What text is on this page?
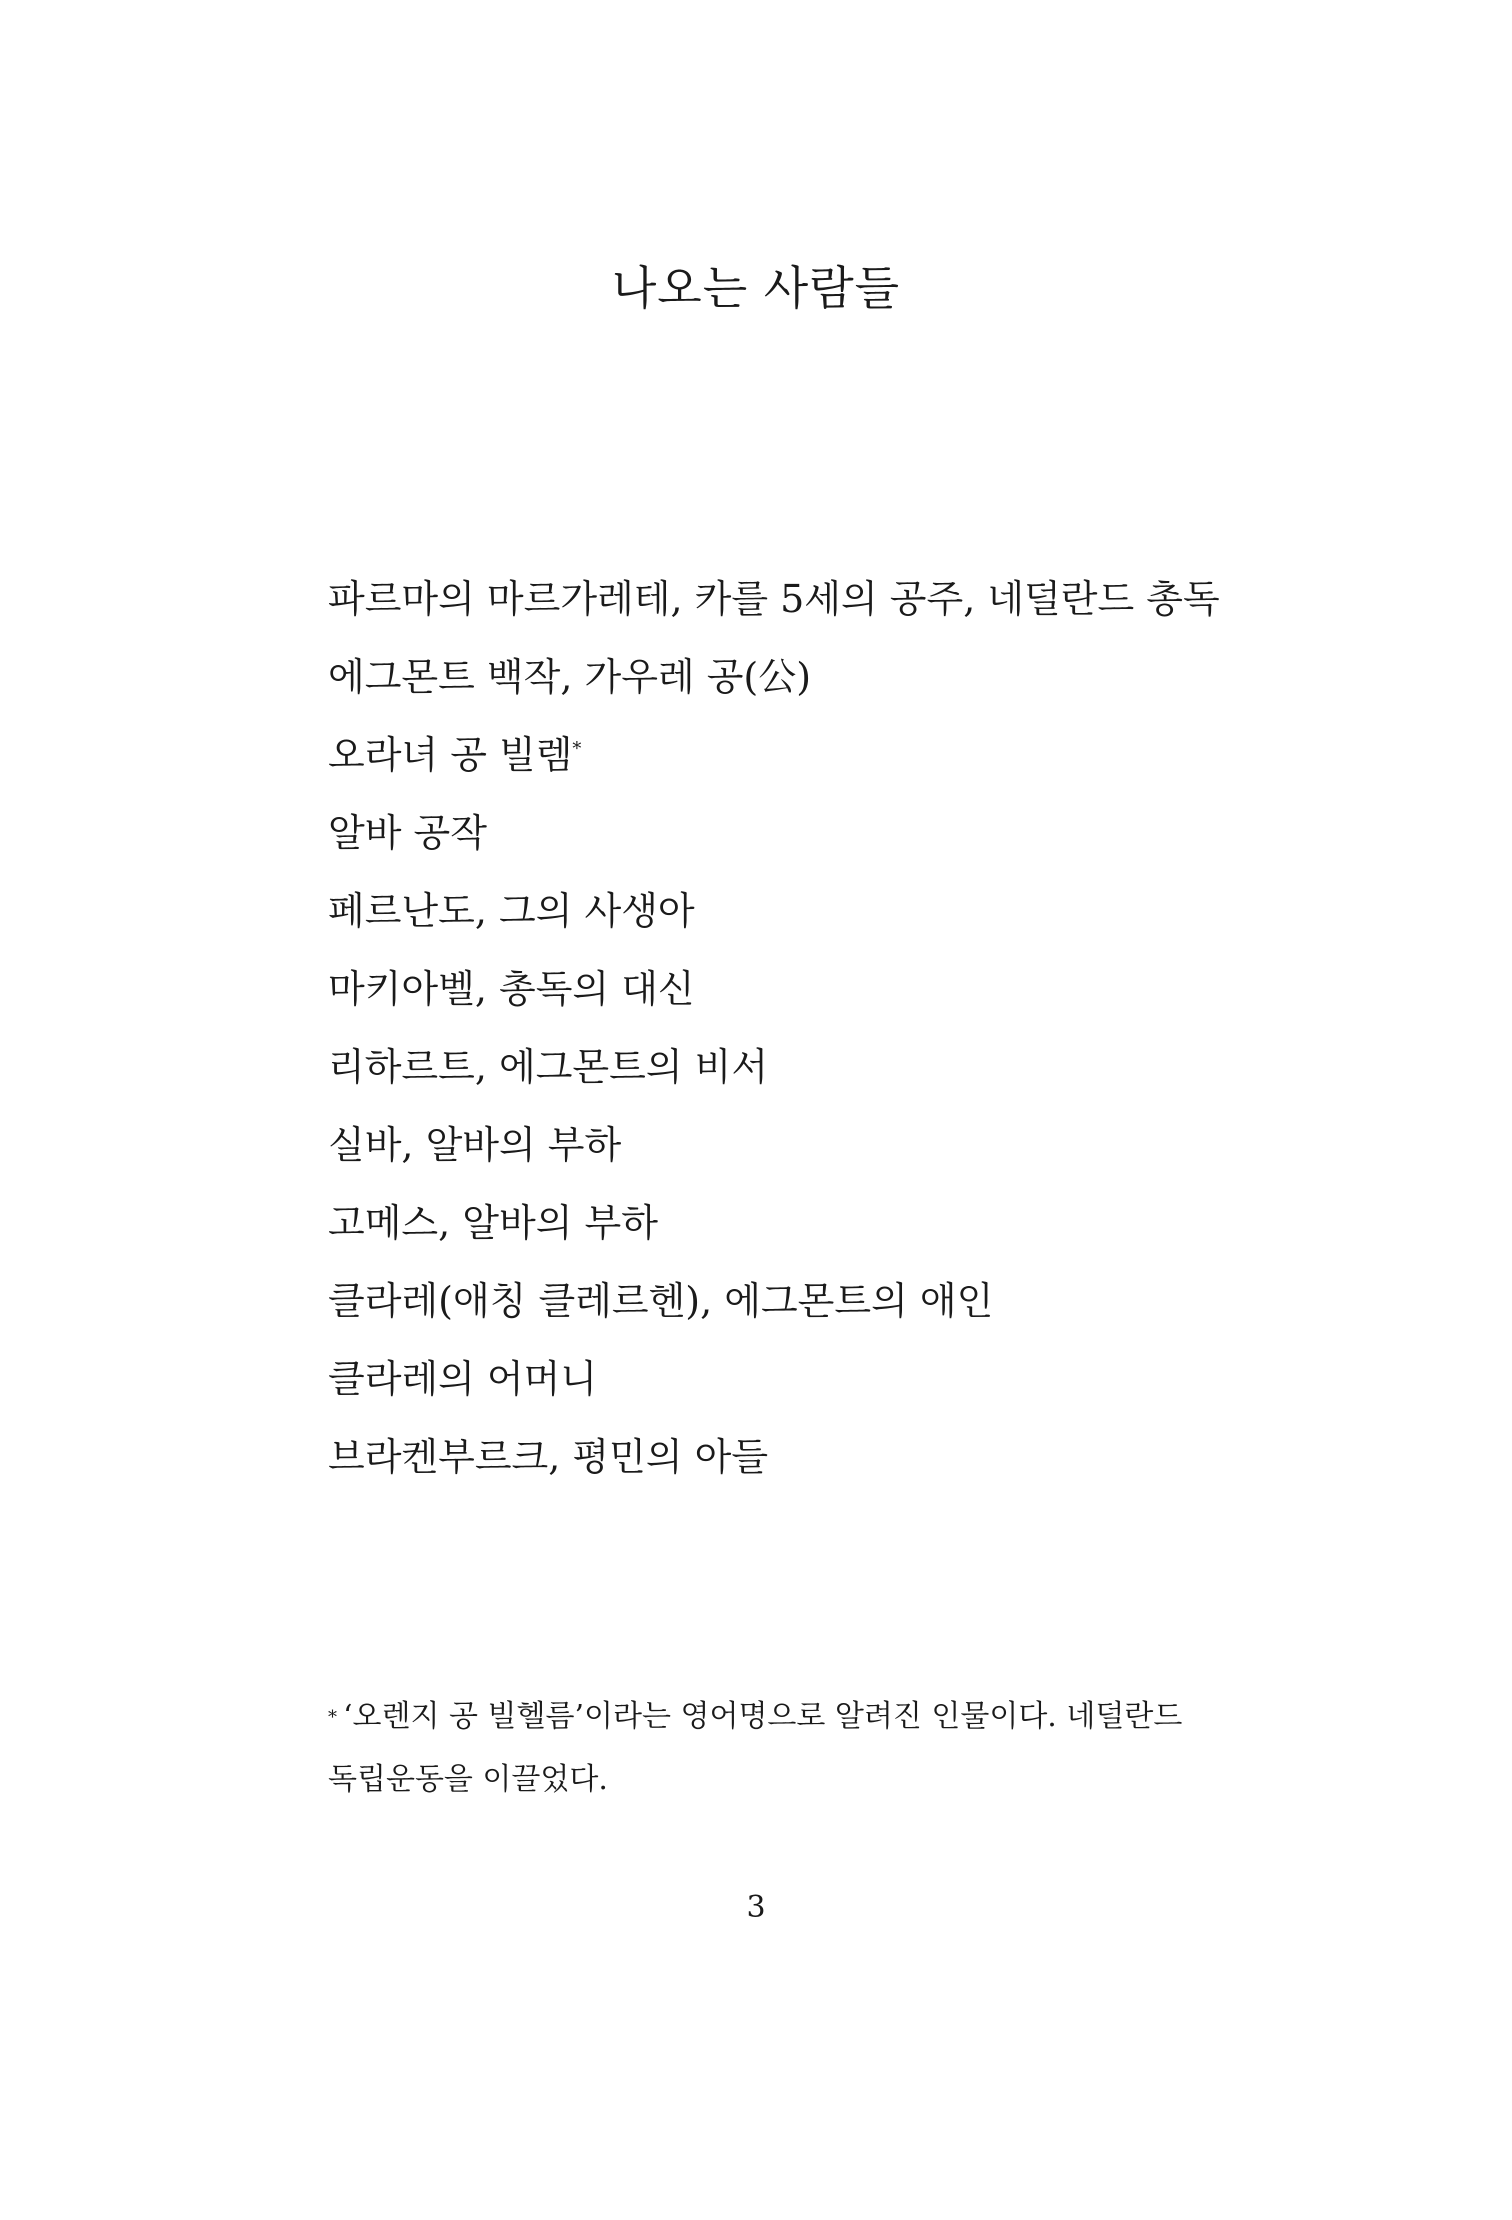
나오는 사람들
파르마의 마르가레테, 카를 5세의 공주, 네덜란드 총독
에그몬트 백작, 가우레 공(公)
오라녀 공 빌렘*
알바 공작
페르난도, 그의 사생아
마키아벨, 총독의 대신
리하르트, 에그몬트의 비서
실바, 알바의 부하
고메스, 알바의 부하
클라레(애칭 클레르헨), 에그몬트의 애인
클라레의 어머니
브라켄부르크, 평민의 아들

* ‘오렌지 공 빌헬름’이라는 영어명으로 알려진 인물이다. 네덜란드
독립운동을 이끌었다.

3
